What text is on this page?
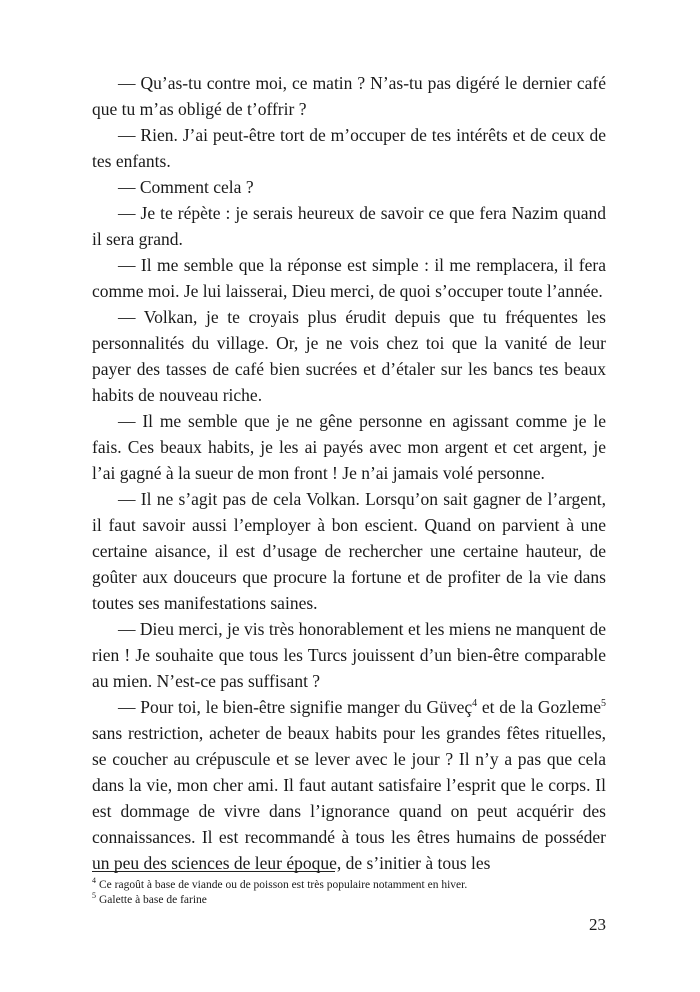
— Qu’as-tu contre moi, ce matin ? N’as-tu pas digéré le dernier café que tu m’as obligé de t’offrir ?

— Rien. J’ai peut-être tort de m’occuper de tes intérêts et de ceux de tes enfants.

— Comment cela ?

— Je te répète : je serais heureux de savoir ce que fera Nazim quand il sera grand.

— Il me semble que la réponse est simple : il me remplacera, il fera comme moi. Je lui laisserai, Dieu merci, de quoi s’occuper toute l’année.

— Volkan, je te croyais plus érudit depuis que tu fréquentes les personnalités du village. Or, je ne vois chez toi que la vanité de leur payer des tasses de café bien sucrées et d’étaler sur les bancs tes beaux habits de nouveau riche.

— Il me semble que je ne gêne personne en agissant comme je le fais. Ces beaux habits, je les ai payés avec mon argent et cet argent, je l’ai gagné à la sueur de mon front ! Je n’ai jamais volé personne.

— Il ne s’agit pas de cela Volkan. Lorsqu’on sait gagner de l’argent, il faut savoir aussi l’employer à bon escient. Quand on parvient à une certaine aisance, il est d’usage de rechercher une certaine hauteur, de goûter aux douceurs que procure la fortune et de profiter de la vie dans toutes ses manifestations saines.

— Dieu merci, je vis très honorablement et les miens ne manquent de rien ! Je souhaite que tous les Turcs jouissent d’un bien-être comparable au mien. N’est-ce pas suffisant ?

— Pour toi, le bien-être signifie manger du Güveç$^4$ et de la Gozleme$^5$ sans restriction, acheter de beaux habits pour les grandes fêtes rituelles, se coucher au crépuscule et se lever avec le jour ? Il n’y a pas que cela dans la vie, mon cher ami. Il faut autant satisfaire l’esprit que le corps. Il est dommage de vivre dans l’ignorance quand on peut acquérir des connaissances. Il est recommandé à tous les êtres humains de posséder un peu des sciences de leur époque, de s’initier à tous les

$^4$ Ce ragoût à base de viande ou de poisson est très populaire notamment en hiver.

$^5$ Galette à base de farine

23
